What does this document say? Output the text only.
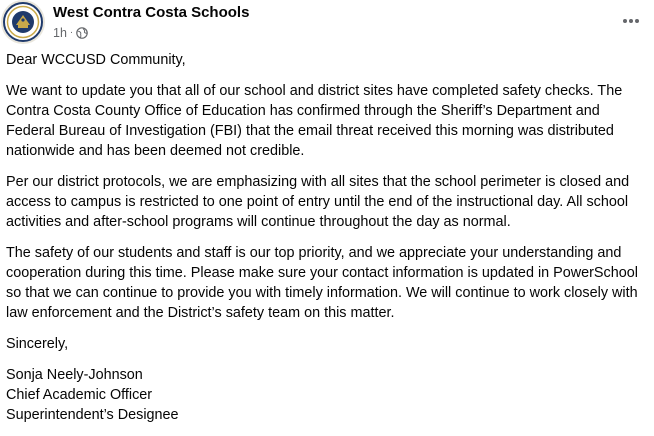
West Contra Costa Schools
1h ·

Dear WCCUSD Community,

We want to update you that all of our school and district sites have completed safety checks. The Contra Costa County Office of Education has confirmed through the Sheriff’s Department and Federal Bureau of Investigation (FBI) that the email threat received this morning was distributed nationwide and has been deemed not credible.

Per our district protocols, we are emphasizing with all sites that the school perimeter is closed and access to campus is restricted to one point of entry until the end of the instructional day. All school activities and after-school programs will continue throughout the day as normal.

The safety of our students and staff is our top priority, and we appreciate your understanding and cooperation during this time. Please make sure your contact information is updated in PowerSchool so that we can continue to provide you with timely information. We will continue to work closely with law enforcement and the District’s safety team on this matter.

Sincerely,

Sonja Neely-Johnson
Chief Academic Officer
Superintendent’s Designee
